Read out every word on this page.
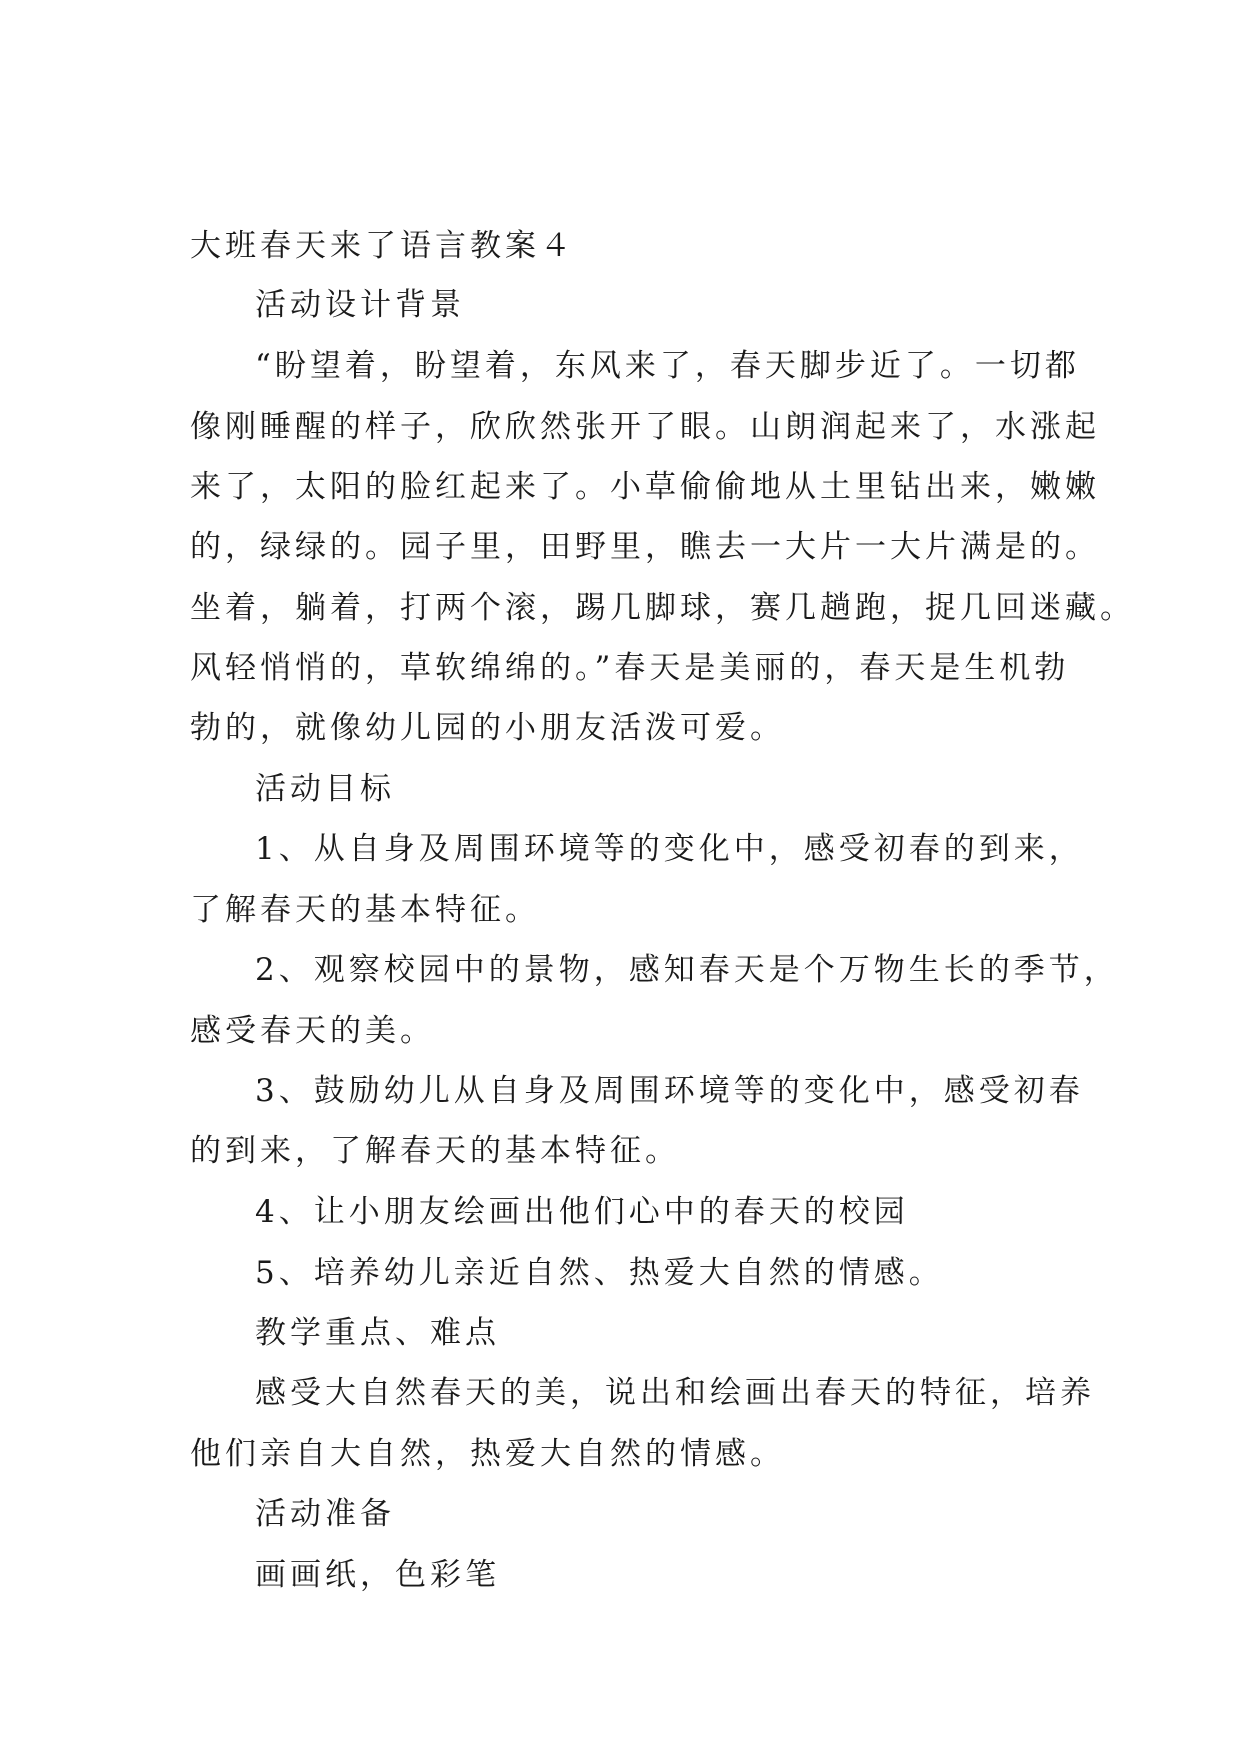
大班春天来了语言教案４
活动设计背景
“盼望着，盼望着，东风来了，春天脚步近了。一切都
像刚睡醒的样子，欣欣然张开了眼。山朗润起来了，水涨起
来了，太阳的脸红起来了。小草偷偷地从土里钻出来，嫩嫩
的，绿绿的。园子里，田野里，瞧去一大片一大片满是的。
坐着，躺着，打两个滚，踢几脚球，赛几趟跑，捉几回迷藏。
风轻悄悄的，草软绵绵的。”春天是美丽的，春天是生机勃
勃的，就像幼儿园的小朋友活泼可爱。
活动目标
1、从自身及周围环境等的变化中，感受初春的到来，
了解春天的基本特征。
2、观察校园中的景物，感知春天是个万物生长的季节，
感受春天的美。
3、鼓励幼儿从自身及周围环境等的变化中，感受初春
的到来，了解春天的基本特征。
4、让小朋友绘画出他们心中的春天的校园
5、培养幼儿亲近自然、热爱大自然的情感。
教学重点、难点
感受大自然春天的美，说出和绘画出春天的特征，培养
他们亲自大自然，热爱大自然的情感。
活动准备
画画纸，色彩笔
